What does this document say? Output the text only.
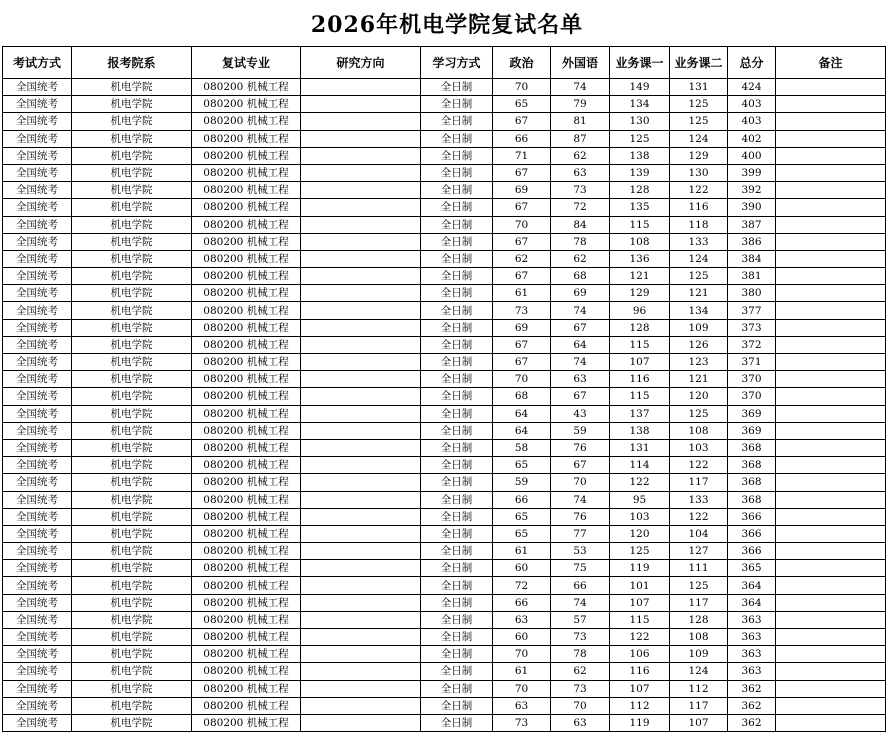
2026年机电学院复试名单
考试方式	报考院系	复试专业	研究方向	学习方式	政治	外国语	业务课一	业务课二	总分	备注
全国统考	机电学院	080200 机械工程		全日制	70	74	149	131	424	
全国统考	机电学院	080200 机械工程		全日制	65	79	134	125	403	
全国统考	机电学院	080200 机械工程		全日制	67	81	130	125	403	
全国统考	机电学院	080200 机械工程		全日制	66	87	125	124	402	
全国统考	机电学院	080200 机械工程		全日制	71	62	138	129	400	
全国统考	机电学院	080200 机械工程		全日制	67	63	139	130	399	
全国统考	机电学院	080200 机械工程		全日制	69	73	128	122	392	
全国统考	机电学院	080200 机械工程		全日制	67	72	135	116	390	
全国统考	机电学院	080200 机械工程		全日制	70	84	115	118	387	
全国统考	机电学院	080200 机械工程		全日制	67	78	108	133	386	
全国统考	机电学院	080200 机械工程		全日制	62	62	136	124	384	
全国统考	机电学院	080200 机械工程		全日制	67	68	121	125	381	
全国统考	机电学院	080200 机械工程		全日制	61	69	129	121	380	
全国统考	机电学院	080200 机械工程		全日制	73	74	96	134	377	
全国统考	机电学院	080200 机械工程		全日制	69	67	128	109	373	
全国统考	机电学院	080200 机械工程		全日制	67	64	115	126	372	
全国统考	机电学院	080200 机械工程		全日制	67	74	107	123	371	
全国统考	机电学院	080200 机械工程		全日制	70	63	116	121	370	
全国统考	机电学院	080200 机械工程		全日制	68	67	115	120	370	
全国统考	机电学院	080200 机械工程		全日制	64	43	137	125	369	
全国统考	机电学院	080200 机械工程		全日制	64	59	138	108	369	
全国统考	机电学院	080200 机械工程		全日制	58	76	131	103	368	
全国统考	机电学院	080200 机械工程		全日制	65	67	114	122	368	
全国统考	机电学院	080200 机械工程		全日制	59	70	122	117	368	
全国统考	机电学院	080200 机械工程		全日制	66	74	95	133	368	
全国统考	机电学院	080200 机械工程		全日制	65	76	103	122	366	
全国统考	机电学院	080200 机械工程		全日制	65	77	120	104	366	
全国统考	机电学院	080200 机械工程		全日制	61	53	125	127	366	
全国统考	机电学院	080200 机械工程		全日制	60	75	119	111	365	
全国统考	机电学院	080200 机械工程		全日制	72	66	101	125	364	
全国统考	机电学院	080200 机械工程		全日制	66	74	107	117	364	
全国统考	机电学院	080200 机械工程		全日制	63	57	115	128	363	
全国统考	机电学院	080200 机械工程		全日制	60	73	122	108	363	
全国统考	机电学院	080200 机械工程		全日制	70	78	106	109	363	
全国统考	机电学院	080200 机械工程		全日制	61	62	116	124	363	
全国统考	机电学院	080200 机械工程		全日制	70	73	107	112	362	
全国统考	机电学院	080200 机械工程		全日制	63	70	112	117	362	
全国统考	机电学院	080200 机械工程		全日制	73	63	119	107	362	
